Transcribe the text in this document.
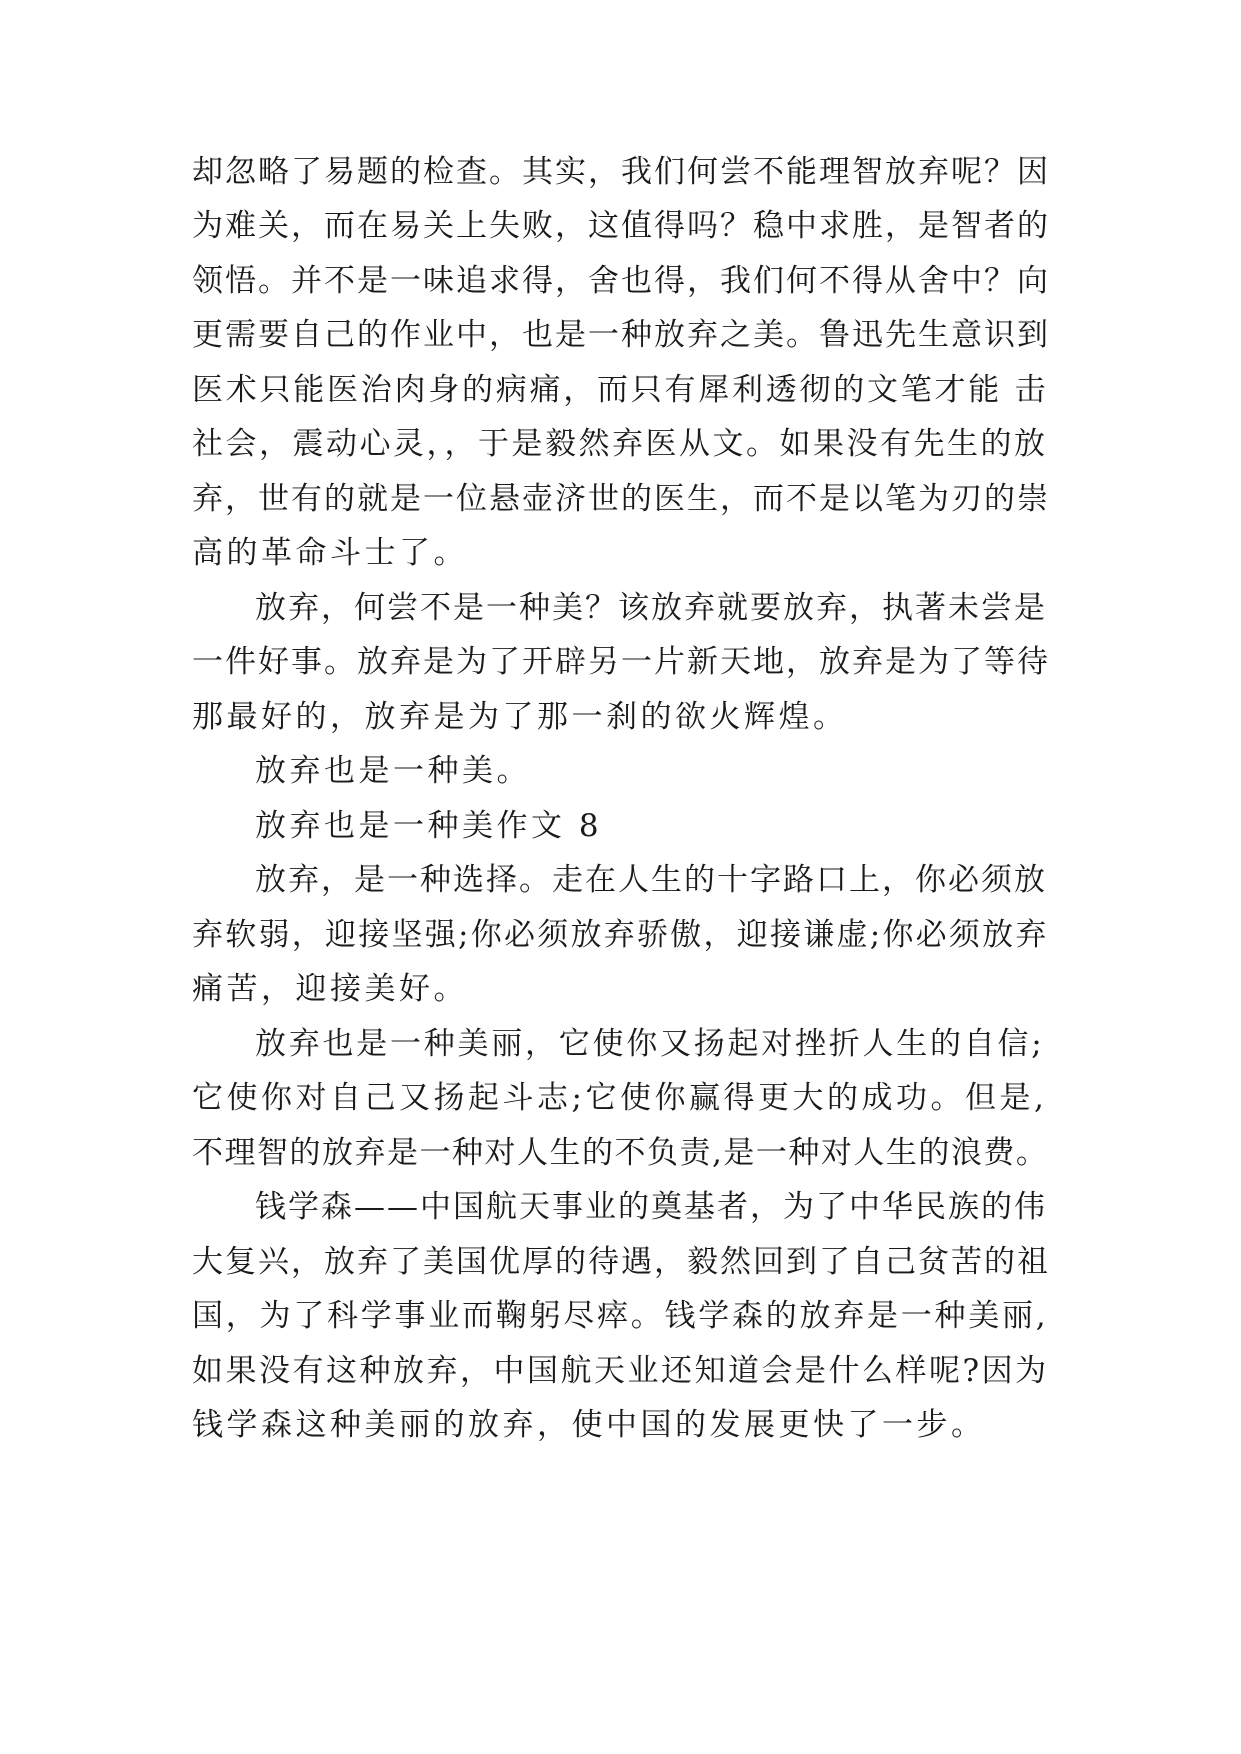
却忽略了易题的检查。其实，我们何尝不能理智放弃呢？因
为难关，而在易关上失败，这值得吗？稳中求胜，是智者的
领悟。并不是一味追求得，舍也得，我们何不得从舍中？向
更需要自己的作业中，也是一种放弃之美。鲁迅先生意识到
医术只能医治肉身的病痛，而只有犀利透彻的文笔才能 击
社会，震动心灵，，于是毅然弃医从文。如果没有先生的放
弃，世有的就是一位悬壶济世的医生，而不是以笔为刃的崇
高的革命斗士了。
放弃，何尝不是一种美？该放弃就要放弃，执著未尝是
一件好事。放弃是为了开辟另一片新天地，放弃是为了等待
那最好的，放弃是为了那一刹的欲火辉煌。
放弃也是一种美。
放弃也是一种美作文 8
放弃，是一种选择。走在人生的十字路口上，你必须放
弃软弱，迎接坚强;你必须放弃骄傲，迎接谦虚;你必须放弃
痛苦，迎接美好。
放弃也是一种美丽，它使你又扬起对挫折人生的自信;
它使你对自己又扬起斗志;它使你赢得更大的成功。但是,
不理智的放弃是一种对人生的不负责,是一种对人生的浪费。
钱学森——中国航天事业的奠基者，为了中华民族的伟
大复兴，放弃了美国优厚的待遇，毅然回到了自己贫苦的祖
国，为了科学事业而鞠躬尽瘁。钱学森的放弃是一种美丽,
如果没有这种放弃，中国航天业还知道会是什么样呢?因为
钱学森这种美丽的放弃，使中国的发展更快了一步。
